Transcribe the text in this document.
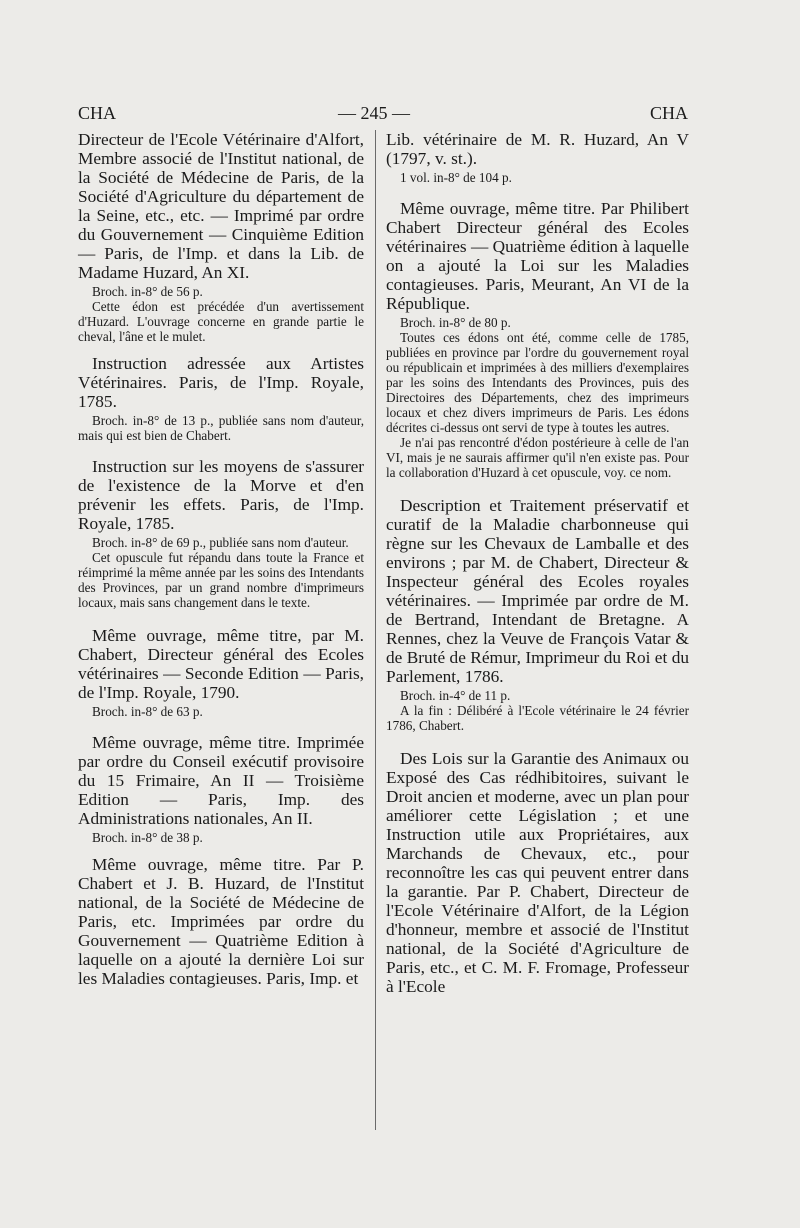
CHA	— 245 —	CHA

Directeur de l'Ecole Vétérinaire d'Alfort, Membre associé de l'Institut national, de la Société de Médecine de Paris, de la Société d'Agriculture du département de la Seine, etc., etc. — Imprimé par ordre du Gouvernement — Cinquième Edition — Paris, de l'Imp. et dans la Lib. de Madame Huzard, An XI.

Broch. in-8° de 56 p.

Cette édon est précédée d'un avertissement d'Huzard. L'ouvrage concerne en grande partie le cheval, l'âne et le mulet.

Instruction adressée aux Artistes Vétérinaires. Paris, de l'Imp. Royale, 1785.

Broch. in-8° de 13 p., publiée sans nom d'auteur, mais qui est bien de Chabert.

Instruction sur les moyens de s'assurer de l'existence de la Morve et d'en prévenir les effets. Paris, de l'Imp. Royale, 1785.

Broch. in-8° de 69 p., publiée sans nom d'auteur.

Cet opuscule fut répandu dans toute la France et réimprimé la même année par les soins des Intendants des Provinces, par un grand nombre d'imprimeurs locaux, mais sans changement dans le texte.

Même ouvrage, même titre, par M. Chabert, Directeur général des Ecoles vétérinaires — Seconde Edition — Paris, de l'Imp. Royale, 1790.

Broch. in-8° de 63 p.

Même ouvrage, même titre. Imprimée par ordre du Conseil exécutif provisoire du 15 Frimaire, An II — Troisième Edition — Paris, Imp. des Administrations nationales, An II.

Broch. in-8° de 38 p.

Même ouvrage, même titre. Par P. Chabert et J. B. Huzard, de l'Institut national, de la Société de Médecine de Paris, etc. Imprimées par ordre du Gouvernement — Quatrième Edition à laquelle on a ajouté la dernière Loi sur les Maladies contagieuses. Paris, Imp. et

Lib. vétérinaire de M. R. Huzard, An V (1797, v. st.).

1 vol. in-8° de 104 p.

Même ouvrage, même titre. Par Philibert Chabert Directeur général des Ecoles vétérinaires — Quatrième édition à laquelle on a ajouté la Loi sur les Maladies contagieuses. Paris, Meurant, An VI de la République.

Broch. in-8° de 80 p.

Toutes ces édons ont été, comme celle de 1785, publiées en province par l'ordre du gouvernement royal ou républicain et imprimées à des milliers d'exemplaires par les soins des Intendants des Provinces, puis des Directoires des Départements, chez des imprimeurs locaux et chez divers imprimeurs de Paris. Les édons décrites ci-dessus ont servi de type à toutes les autres.

Je n'ai pas rencontré d'édon postérieure à celle de l'an VI, mais je ne saurais affirmer qu'il n'en existe pas. Pour la collaboration d'Huzard à cet opuscule, voy. ce nom.

Description et Traitement préservatif et curatif de la Maladie charbonneuse qui règne sur les Chevaux de Lamballe et des environs ; par M. de Chabert, Directeur & Inspecteur général des Ecoles royales vétérinaires. — Imprimée par ordre de M. de Bertrand, Intendant de Bretagne. A Rennes, chez la Veuve de François Vatar & de Bruté de Rémur, Imprimeur du Roi et du Parlement, 1786.

Broch. in-4° de 11 p.

A la fin : Délibéré à l'Ecole vétérinaire le 24 février 1786, Chabert.

Des Lois sur la Garantie des Animaux ou Exposé des Cas rédhibitoires, suivant le Droit ancien et moderne, avec un plan pour améliorer cette Législation ; et une Instruction utile aux Propriétaires, aux Marchands de Chevaux, etc., pour reconnoître les cas qui peuvent entrer dans la garantie. Par P. Chabert, Directeur de l'Ecole Vétérinaire d'Alfort, de la Légion d'honneur, membre et associé de l'Institut national, de la Société d'Agriculture de Paris, etc., et C. M. F. Fromage, Professeur à l'Ecole
